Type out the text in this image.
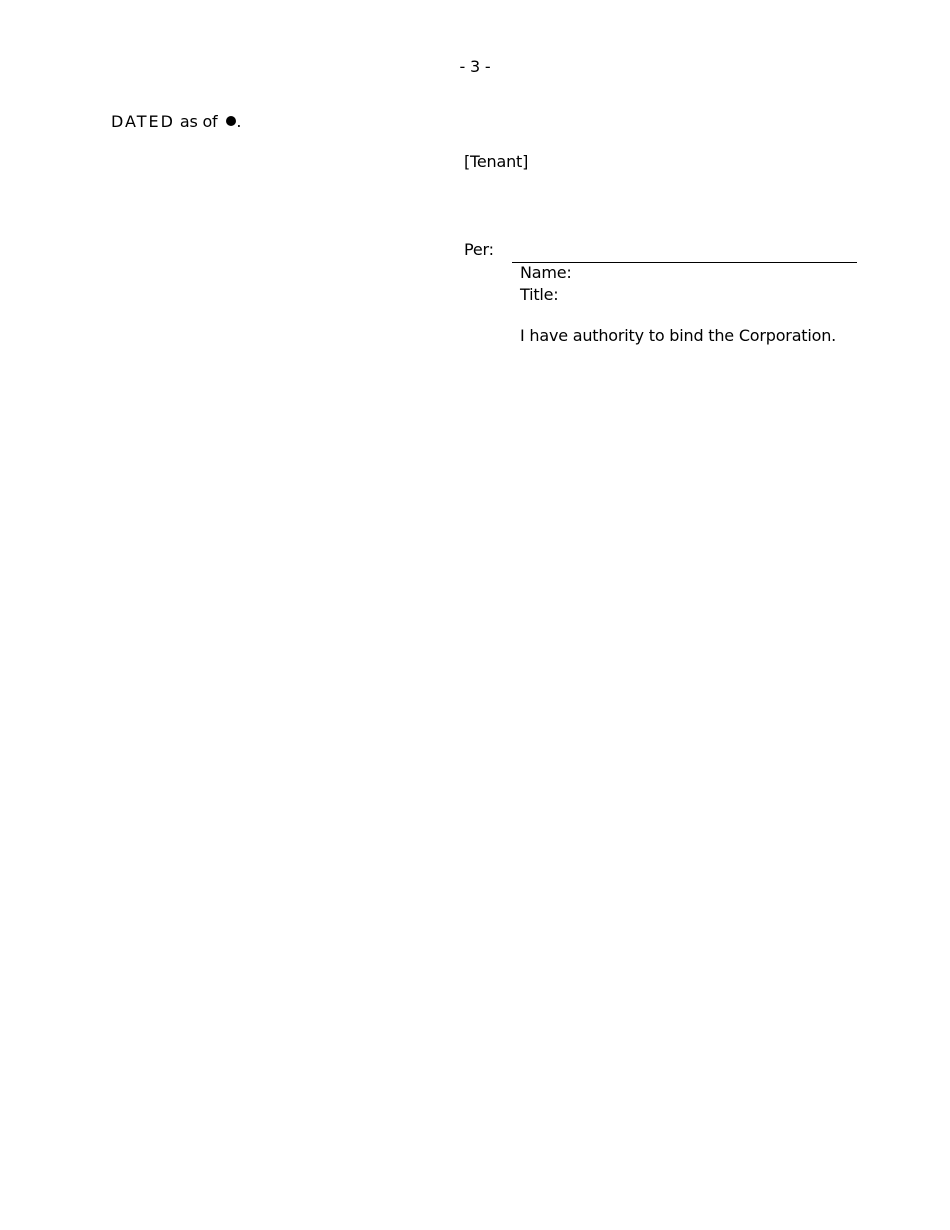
- 3 -
DATED as of .
[Tenant]
Per:
Name:
Title:
I have authority to bind the Corporation.
